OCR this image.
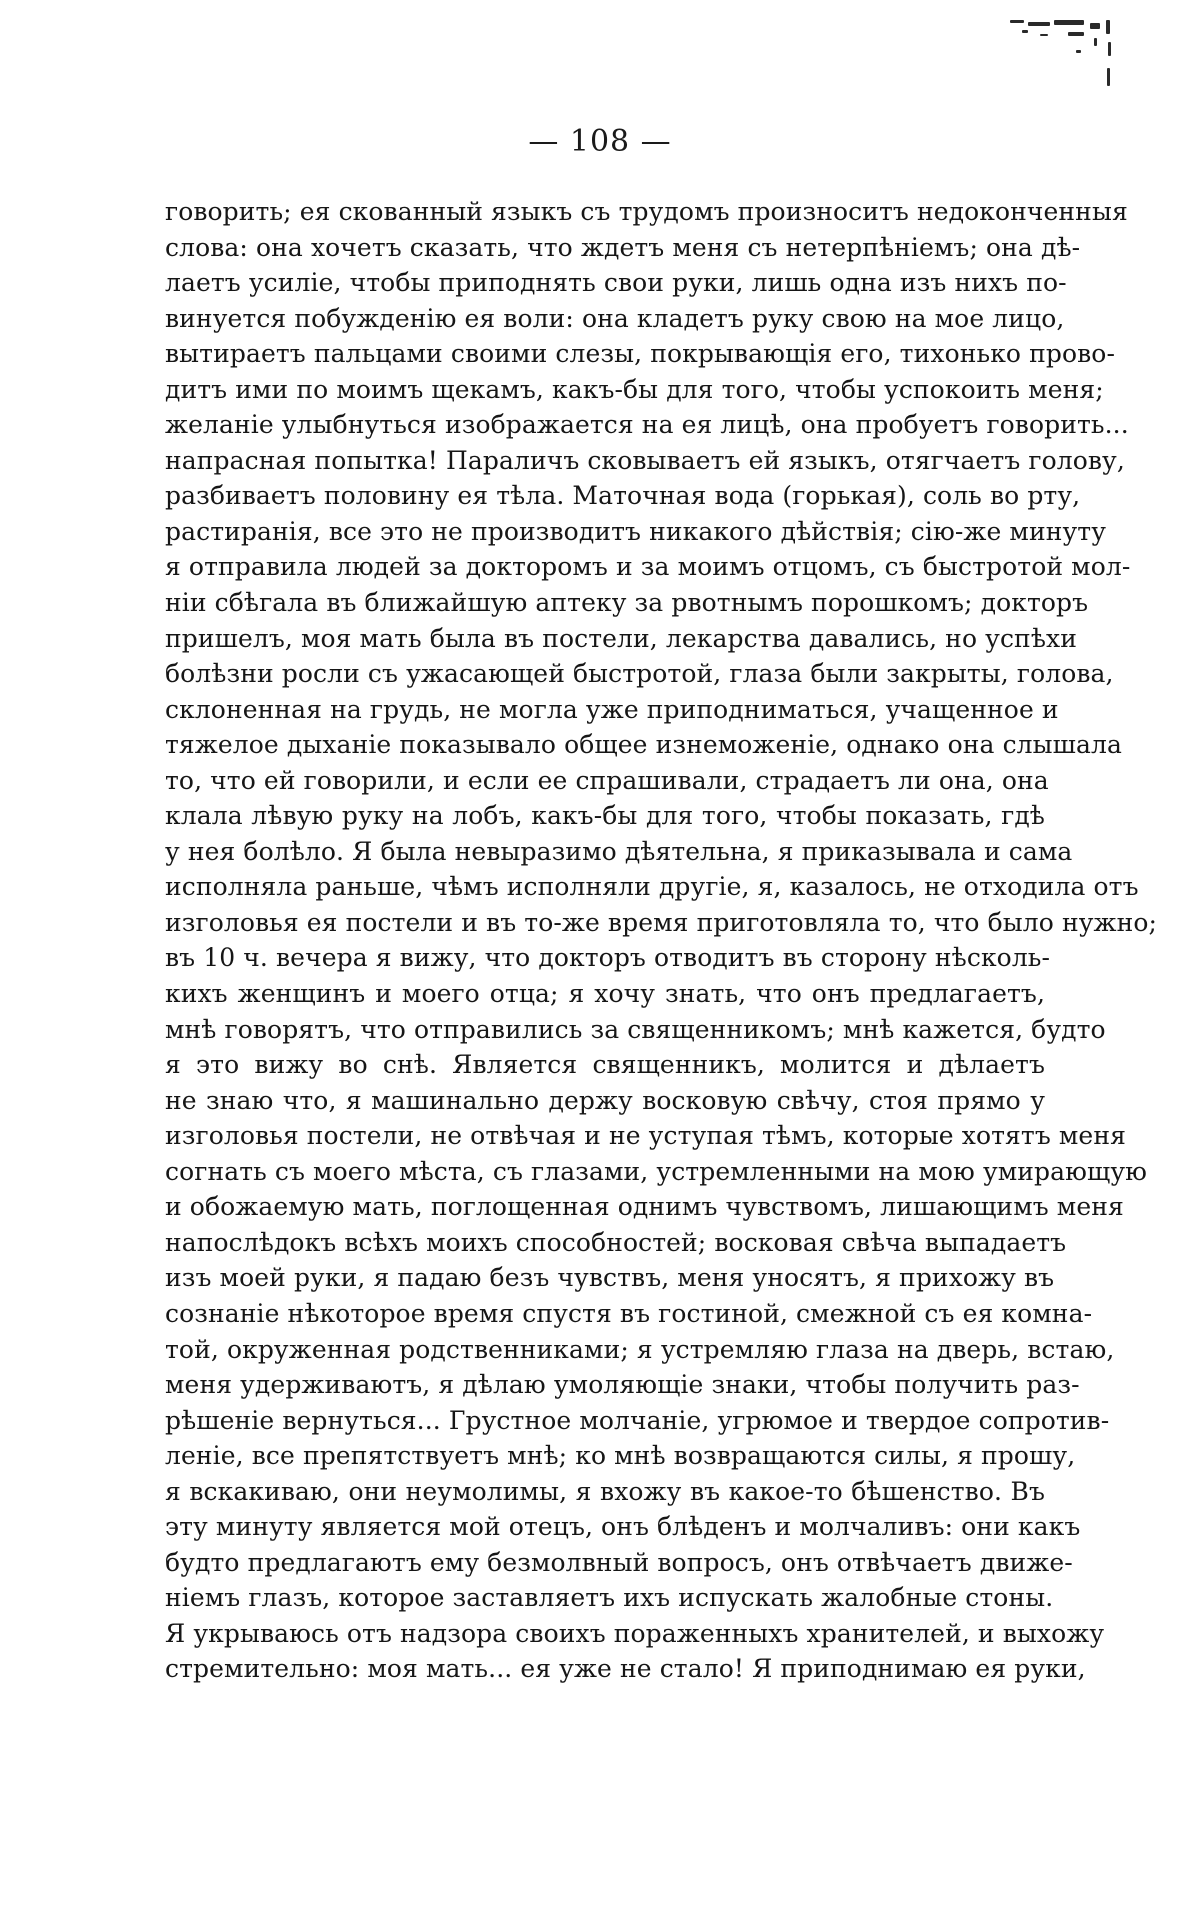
— 108 —
говорить; ея скованный языкъ съ трудомъ произноситъ недоконченныя
слова: она хочетъ сказать, что ждетъ меня съ нетерпѣніемъ; она дѣ-
лаетъ усиліе, чтобы приподнять свои руки, лишь одна изъ нихъ по-
винуется побужденію ея воли: она кладетъ руку свою на мое лицо,
вытираетъ пальцами своими слезы, покрывающія его, тихонько прово-
дитъ ими по моимъ щекамъ, какъ-бы для того, чтобы успокоить меня;
желаніе улыбнуться изображается на ея лицѣ, она пробуетъ говорить...
напрасная попытка! Параличъ сковываетъ ей языкъ, отягчаетъ голову,
разбиваетъ половину ея тѣла. Маточная вода (горькая), соль во рту,
растиранія, все это не производитъ никакого дѣйствія; сію-же минуту
я отправила людей за докторомъ и за моимъ отцомъ, съ быстротой мол-
ніи сбѣгала въ ближайшую аптеку за рвотнымъ порошкомъ; докторъ
пришелъ, моя мать была въ постели, лекарства давались, но успѣхи
болѣзни росли съ ужасающей быстротой, глаза были закрыты, голова,
склоненная на грудь, не могла уже приподниматься, учащенное и
тяжелое дыханіе показывало общее изнеможеніе, однако она слышала
то, что ей говорили, и если ее спрашивали, страдаетъ ли она, она
клала лѣвую руку на лобъ, какъ-бы для того, чтобы показать, гдѣ
у нея болѣло. Я была невыразимо дѣятельна, я приказывала и сама
исполняла раньше, чѣмъ исполняли другіе, я, казалось, не отходила отъ
изголовья ея постели и въ то-же время приготовляла то, что было нужно;
въ 10 ч. вечера я вижу, что докторъ отводитъ въ сторону нѣсколь-
кихъ женщинъ и моего отца; я хочу знать, что онъ предлагаетъ,
мнѣ говорятъ, что отправились за священникомъ; мнѣ кажется, будто
я это вижу во снѣ. Является священникъ, молится и дѣлаетъ
не знаю что, я машинально держу восковую свѣчу, стоя прямо у
изголовья постели, не отвѣчая и не уступая тѣмъ, которые хотятъ меня
согнать съ моего мѣста, съ глазами, устремленными на мою умирающую
и обожаемую мать, поглощенная однимъ чувствомъ, лишающимъ меня
напослѣдокъ всѣхъ моихъ способностей; восковая свѣча выпадаетъ
изъ моей руки, я падаю безъ чувствъ, меня уносятъ, я прихожу въ
сознаніе нѣкоторое время спустя въ гостиной, смежной съ ея комна-
той, окруженная родственниками; я устремляю глаза на дверь, встаю,
меня удерживаютъ, я дѣлаю умоляющіе знаки, чтобы получить раз-
рѣшеніе вернуться... Грустное молчаніе, угрюмое и твердое сопротив-
леніе, все препятствуетъ мнѣ; ко мнѣ возвращаются силы, я прошу,
я вскакиваю, они неумолимы, я вхожу въ какое-то бѣшенство. Въ
эту минуту является мой отецъ, онъ блѣденъ и молчаливъ: они какъ
будто предлагаютъ ему безмолвный вопросъ, онъ отвѣчаетъ движе-
ніемъ глазъ, которое заставляетъ ихъ испускать жалобные стоны.
Я укрываюсь отъ надзора своихъ пораженныхъ хранителей, и выхожу
стремительно: моя мать... ея уже не стало! Я приподнимаю ея руки,
